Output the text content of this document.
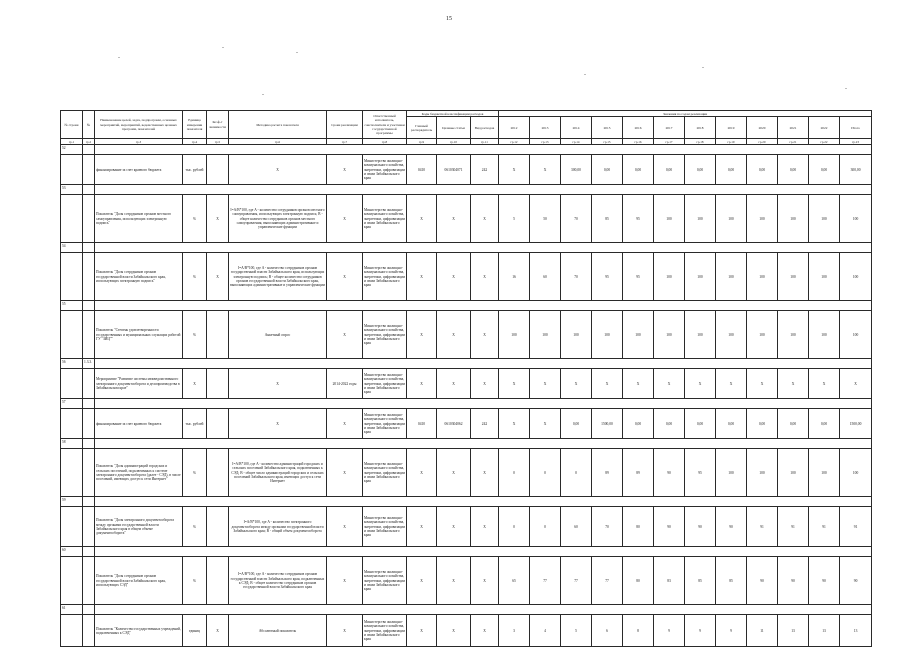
15
№ строки	№	Наименование целей, задач, подпрограмм, основных мероприятий, мероприятий, ведомственных целевых программ, показателей	Единица измерения показателя	Коэф-т значимости	Методика расчета показателя	Сроки реализации	Ответственный исполнитель, соисполнители и участники государственной программы	Коды бюджетной классификации расходов			Значения по годам реализации											
								Главный распорядитель	Целевые статьи	Вид расходов	2012	2013	2014	2015	2016	2017	2018	2019	2020	2021	2022	Итого
гр.1	гр.2	гр.3	гр.4	гр.5	гр.6	гр.7	гр.8	гр.9	гр.10	гр.11	гр.12	гр.13	гр.14	гр.15	гр.16	гр.17	гр.18	гр.19	гр.20	гр.21	гр.22	гр.23
52																						
		финансирование за счет краевого бюджета	тыс. рублей		X	X	Министерство жилищно-коммунального хозяйства, энергетики, цифровизации и связи Забайкальского края	0410	0610304071	242	X	X	300,00	0,00	0,00	0,00	0,00	0,00	0,00	0,00	0,00	300,00
53																						
		Показатель "Доля сотрудников органов местного самоуправления, использующих электронную подпись"	%	X	I=A/B*100, где A - количество сотрудников органов местного самоуправления, использующих электронную подпись; B - общее количество сотрудников органов местного самоуправления, выполняющих административные и управленческие функции	X	Министерство жилищно-коммунального хозяйства, энергетики, цифровизации и связи Забайкальского края	X	X	X	5	50	70	85	95	100	100	100	100	100	100	100
54																						
		Показатель "Доля сотрудников органов государственной власти Забайкальского края, использующих электронную подпись"	%	X	I=A/B*100, где A - количество сотрудников органов государственной власти Забайкальского края, использующих электронную подпись; B - общее количество сотрудников органов государственной власти Забайкальского края, выполняющих административные и управленческие функции	X	Министерство жилищно-коммунального хозяйства, энергетики, цифровизации и связи Забайкальского края	X	X	X	16	60	70	95	95	100	100	100	100	100	100	100
55																						
		Показатель "Степень удовлетворенности государственных и муниципальных служащих работой ГУ "ЗИЦ""	%		Анкетный опрос	X	Министерство жилищно-коммунального хозяйства, энергетики, цифровизации и связи Забайкальского края	X	X	X	100	100	100	100	100	100	100	100	100	100	100	100
56	1.3.3.																					
		Мероприятие "Развитие системы межведомственного электронного документооборота и делопроизводства в Забайкальском крае"	X		X	2014-2022 годы	Министерство жилищно-коммунального хозяйства, энергетики, цифровизации и связи Забайкальского края	X	X	X	X	X	X	X	X	X	X	X	X	X	X	X
57																						
		финансирование за счет краевого бюджета	тыс. рублей		X	X	Министерство жилищно-коммунального хозяйства, энергетики, цифровизации и связи Забайкальского края	0410	0610304062	242	X	X	0,00	1500,00	0,00	0,00	0,00	0,00	0,00	0,00	0,00	1500,00
58																						
		Показатель "Доля администраций городских и сельских поселений, подключенных к системе электронного документооборота (далее - СЭД), в числе поселений, имеющих доступ к сети Интернет"	%		I=A/B*100, где A - количество администраций городских и сельских поселений Забайкальского края, подключенных к СЭД; B - общее число администраций городских и сельских поселений Забайкальского края, имеющих доступ к сети Интернет	X	Министерство жилищно-коммунального хозяйства, энергетики, цифровизации и связи Забайкальского края	X	X	X	0	0	0	89	89	90	95	100	100	100	100	100
59																						
		Показатель "Доля электронного документооборота между органами государственной власти Забайкальского края в общем объеме документооборота"	%		I=A/B*100, где A - количество электронного документооборота между органами государственной власти Забайкальского края; B - общий объем документооборота	X	Министерство жилищно-коммунального хозяйства, энергетики, цифровизации и связи Забайкальского края	X	X	X	0	0	60	70	80	90	90	90	91	91	91	91
60																						
		Показатель "Доля сотрудников органов государственной власти Забайкальского края, использующих СЭД"	%		I=A/B*100, где A - количество сотрудников органов государственной власти Забайкальского края, подключенных к СЭД; B - общее количество сотрудников органов государственной власти Забайкальского края	X	Министерство жилищно-коммунального хозяйства, энергетики, цифровизации и связи Забайкальского края	X	X	X	65	77	77	77	80	83	85	85	90	90	90	90
61																						
		Показатель "Количество государственных учреждений, подключенных к СЭД"	единиц	X	Абсолютный показатель	X	Министерство жилищно-коммунального хозяйства, энергетики, цифровизации и связи Забайкальского края	X	X	X	3	4	5	6	8	9	9	9	11	13	13	13
